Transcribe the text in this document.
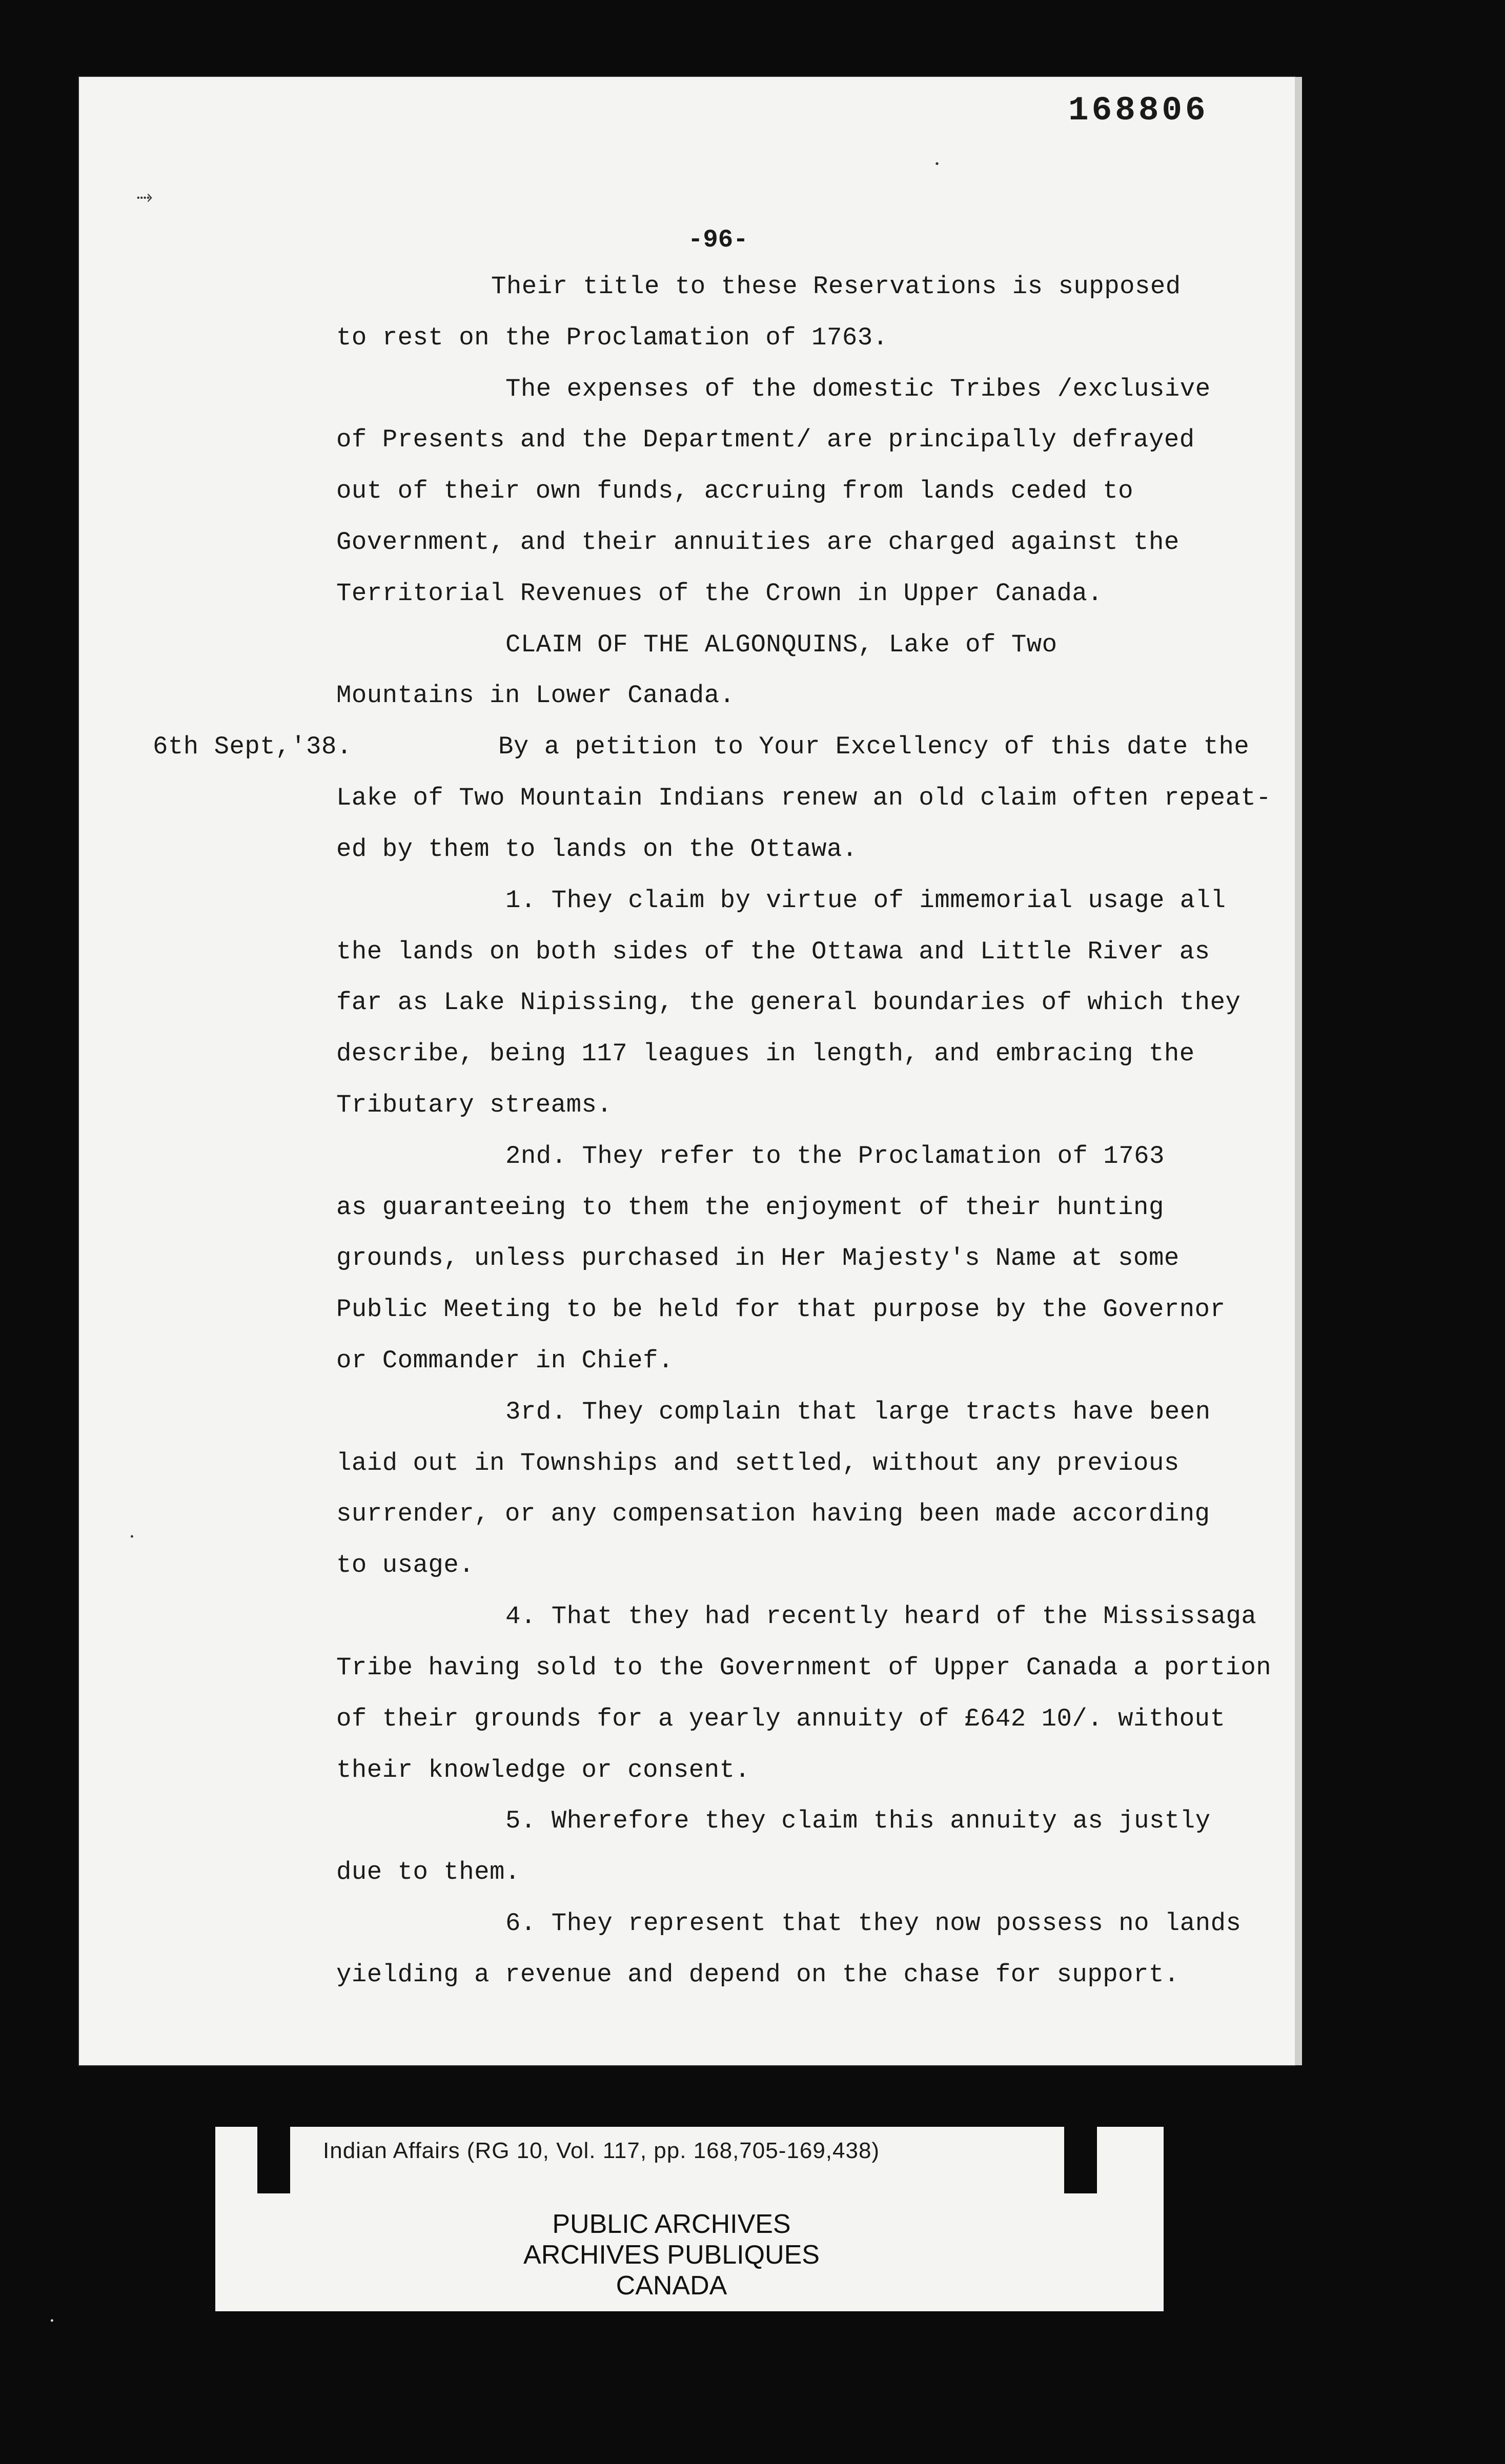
168806
⤑
•
-96-
Their title to these Reservations is supposed
to rest on the Proclamation of 1763.
The expenses of the domestic Tribes /exclusive
of Presents and the Department/ are principally defrayed
out of their own funds, accruing from lands ceded to
Government, and their annuities are charged against the
Territorial Revenues of the Crown in Upper Canada.
CLAIM OF THE ALGONQUINS, Lake of Two
Mountains in Lower Canada.
6th Sept,'38.	By a petition to Your Excellency of this date the
Lake of Two Mountain Indians renew an old claim often repeat-
ed by them to lands on the Ottawa.
1. They claim by virtue of immemorial usage all
the lands on both sides of the Ottawa and Little River as
far as Lake Nipissing, the general boundaries of which they
describe, being 117 leagues in length, and embracing the
Tributary streams.
2nd. They refer to the Proclamation of 1763
as guaranteeing to them the enjoyment of their hunting
grounds, unless purchased in Her Majesty's Name at some
Public Meeting to be held for that purpose by the Governor
or Commander in Chief.
3rd. They complain that large tracts have been
laid out in Townships and settled, without any previous
surrender, or any compensation having been made according
to usage.
4. That they had recently heard of the Mississaga
Tribe having sold to the Government of Upper Canada a portion
of their grounds for a yearly annuity of £642 10/. without
their knowledge or consent.
5. Wherefore they claim this annuity as justly
due to them.
6. They represent that they now possess no lands
yielding a revenue and depend on the chase for support.
•
Indian Affairs (RG 10, Vol. 117, pp. 168,705-169,438)
PUBLIC ARCHIVES
ARCHIVES PUBLIQUES
CANADA
•
